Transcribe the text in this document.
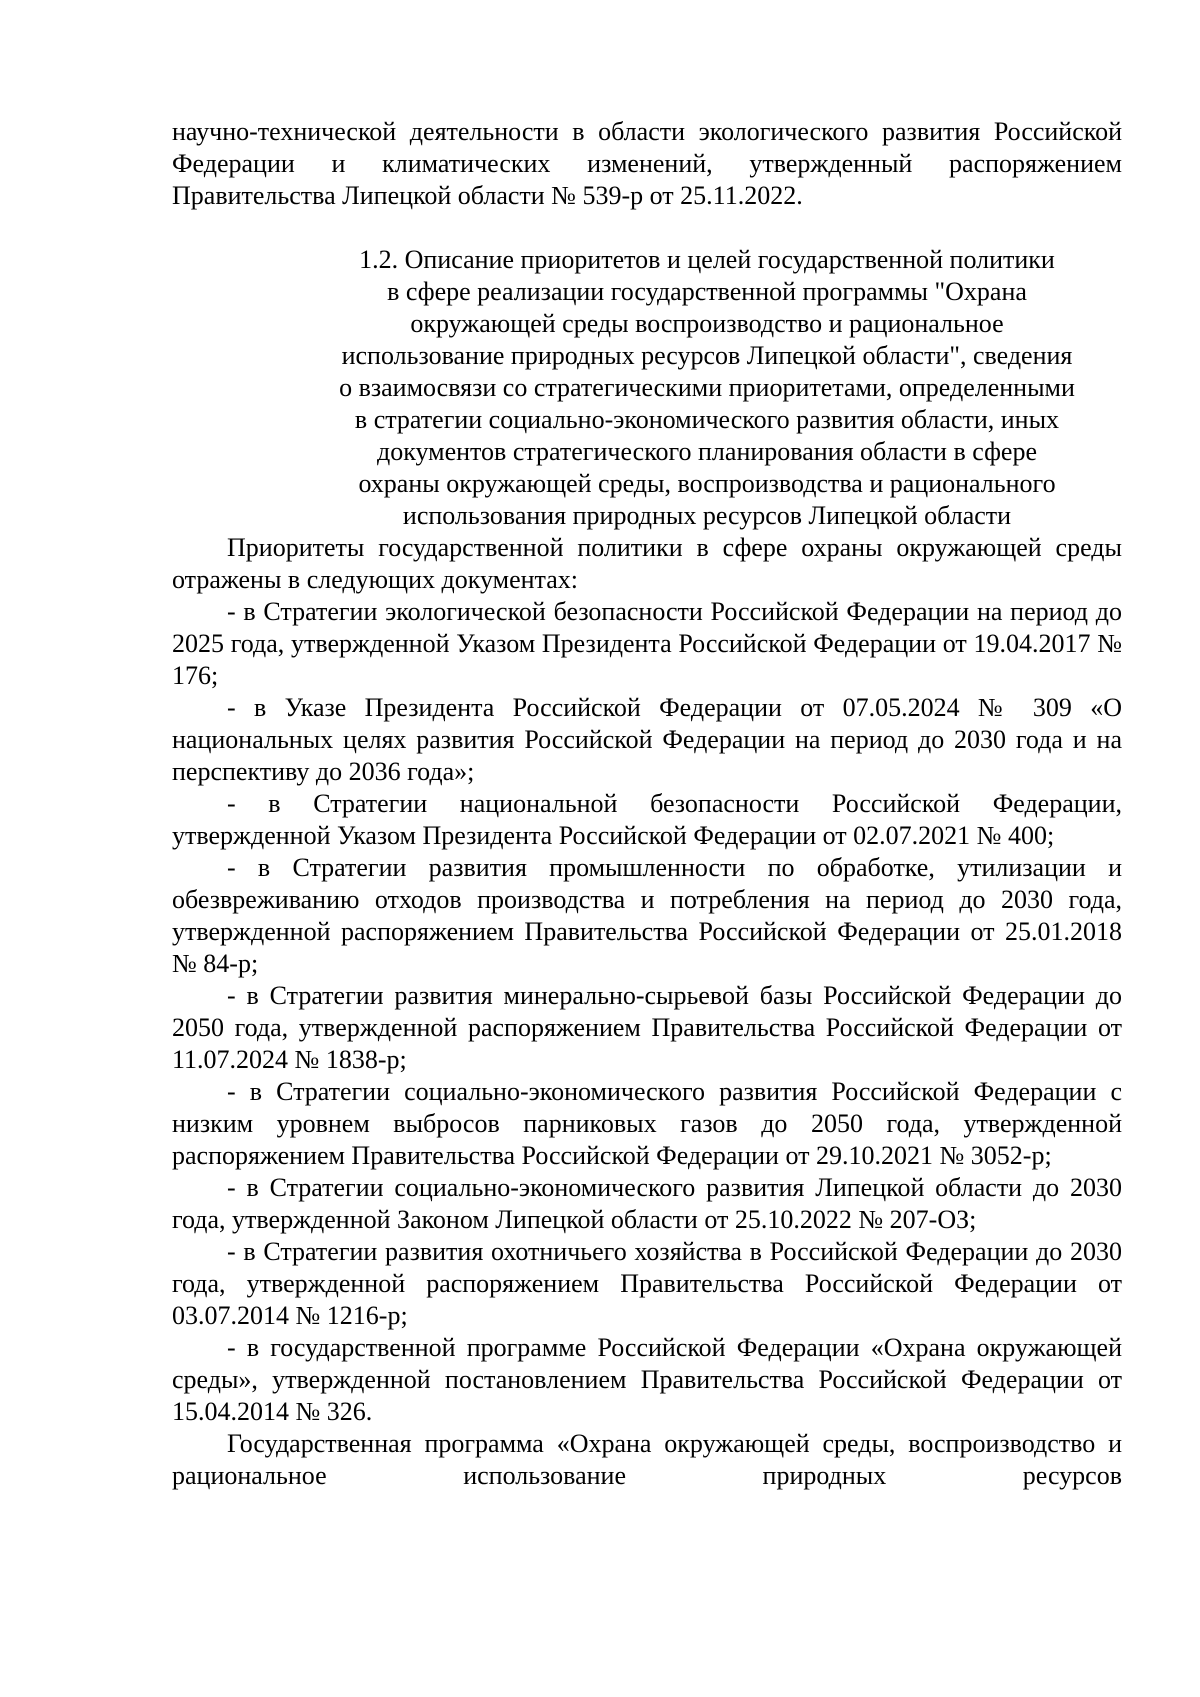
научно-технической деятельности в области экологического развития Российской Федерации и климатических изменений, утвержденный распоряжением Правительства Липецкой области № 539-р от 25.11.2022.

1.2. Описание приоритетов и целей государственной политики
в сфере реализации государственной программы "Охрана
окружающей среды воспроизводство и рациональное
использование природных ресурсов Липецкой области", сведения
о взаимосвязи со стратегическими приоритетами, определенными
в стратегии социально-экономического развития области, иных
документов стратегического планирования области в сфере
охраны окружающей среды, воспроизводства и рационального
использования природных ресурсов Липецкой области

Приоритеты государственной политики в сфере охраны окружающей среды отражены в следующих документах:

- в Стратегии экологической безопасности Российской Федерации на период до 2025 года, утвержденной Указом Президента Российской Федерации от 19.04.2017 № 176;

- в Указе Президента Российской Федерации от 07.05.2024 № 309 «О национальных целях развития Российской Федерации на период до 2030 года и на перспективу до 2036 года»;

- в Стратегии национальной безопасности Российской Федерации, утвержденной Указом Президента Российской Федерации от 02.07.2021 № 400;

- в Стратегии развития промышленности по обработке, утилизации и обезвреживанию отходов производства и потребления на период до 2030 года, утвержденной распоряжением Правительства Российской Федерации от 25.01.2018 № 84-р;

- в Стратегии развития минерально-сырьевой базы Российской Федерации до 2050 года, утвержденной распоряжением Правительства Российской Федерации от 11.07.2024 № 1838-р;

- в Стратегии социально-экономического развития Российской Федерации с низким уровнем выбросов парниковых газов до 2050 года, утвержденной распоряжением Правительства Российской Федерации от 29.10.2021 № 3052-р;

- в Стратегии социально-экономического развития Липецкой области до 2030 года, утвержденной Законом Липецкой области от 25.10.2022 № 207-ОЗ;

- в Стратегии развития охотничьего хозяйства в Российской Федерации до 2030 года, утвержденной распоряжением Правительства Российской Федерации от 03.07.2014 № 1216-р;

- в государственной программе Российской Федерации «Охрана окружающей среды», утвержденной постановлением Правительства Российской Федерации от 15.04.2014 № 326.

Государственная программа «Охрана окружающей среды, воспроизводство и рациональное использование природных ресурсов
